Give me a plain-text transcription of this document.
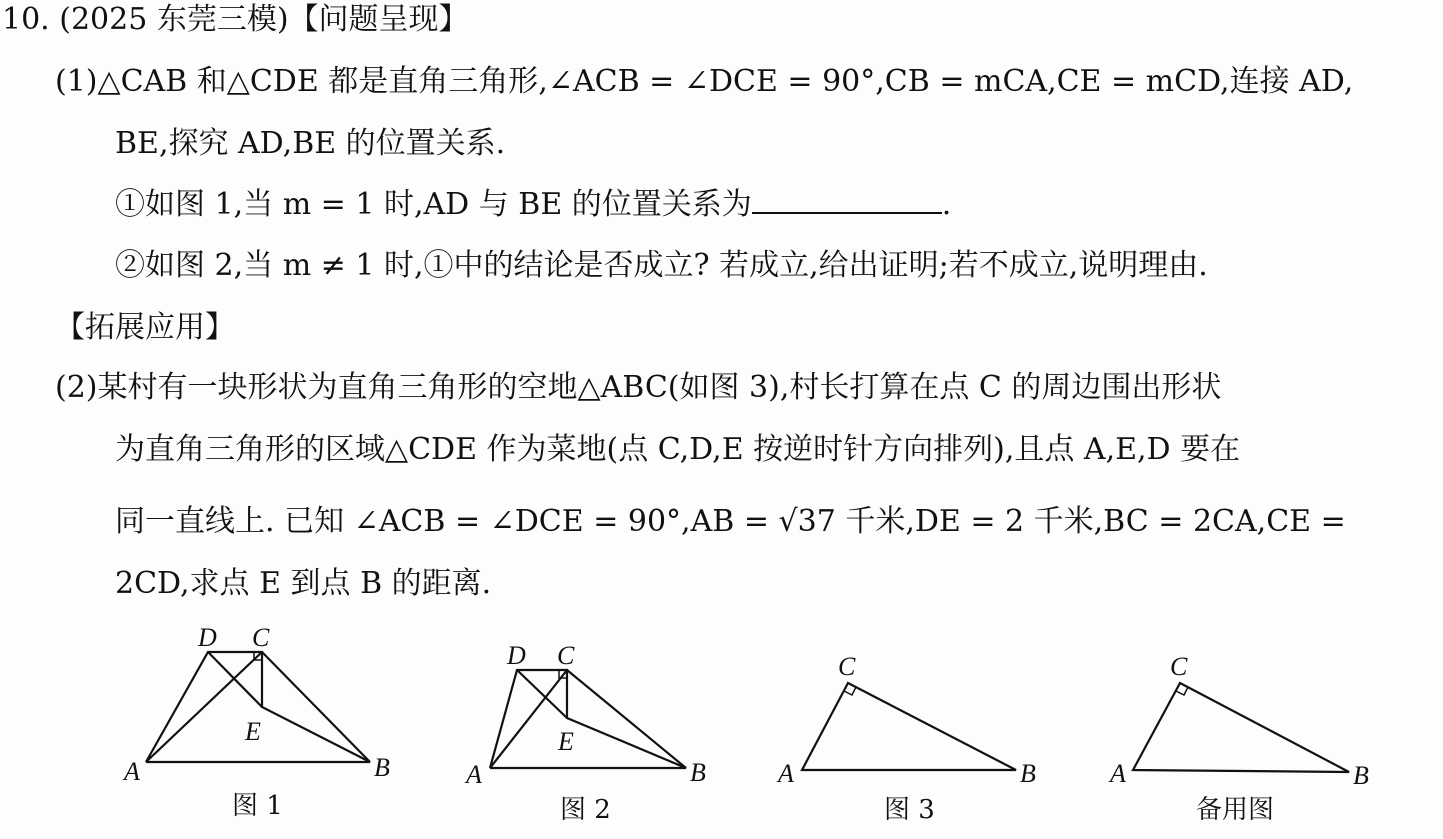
10. (2025 东莞三模)【问题呈现】
(1)△CAB 和△CDE 都是直角三角形,∠ACB = ∠DCE = 90°,CB = mCA,CE = mCD,连接 AD,
BE,探究 AD,BE 的位置关系.
①如图 1,当 m = 1 时,AD 与 BE 的位置关系为	.
②如图 2,当 m ≠ 1 时,①中的结论是否成立? 若成立,给出证明;若不成立,说明理由.
【拓展应用】
(2)某村有一块形状为直角三角形的空地△ABC(如图 3),村长打算在点 C 的周边围出形状
为直角三角形的区域△CDE 作为菜地(点 C,D,E 按逆时针方向排列),且点 A,E,D 要在
同一直线上. 已知 ∠ACB = ∠DCE = 90°,AB = √37 千米,DE = 2 千米,BC = 2CA,CE =
2CD,求点 E 到点 B 的距离.
D C
E
A	B
图 1
D C
E
A	B
图 2
C
A	B
图 3
C
A	B
备用图
